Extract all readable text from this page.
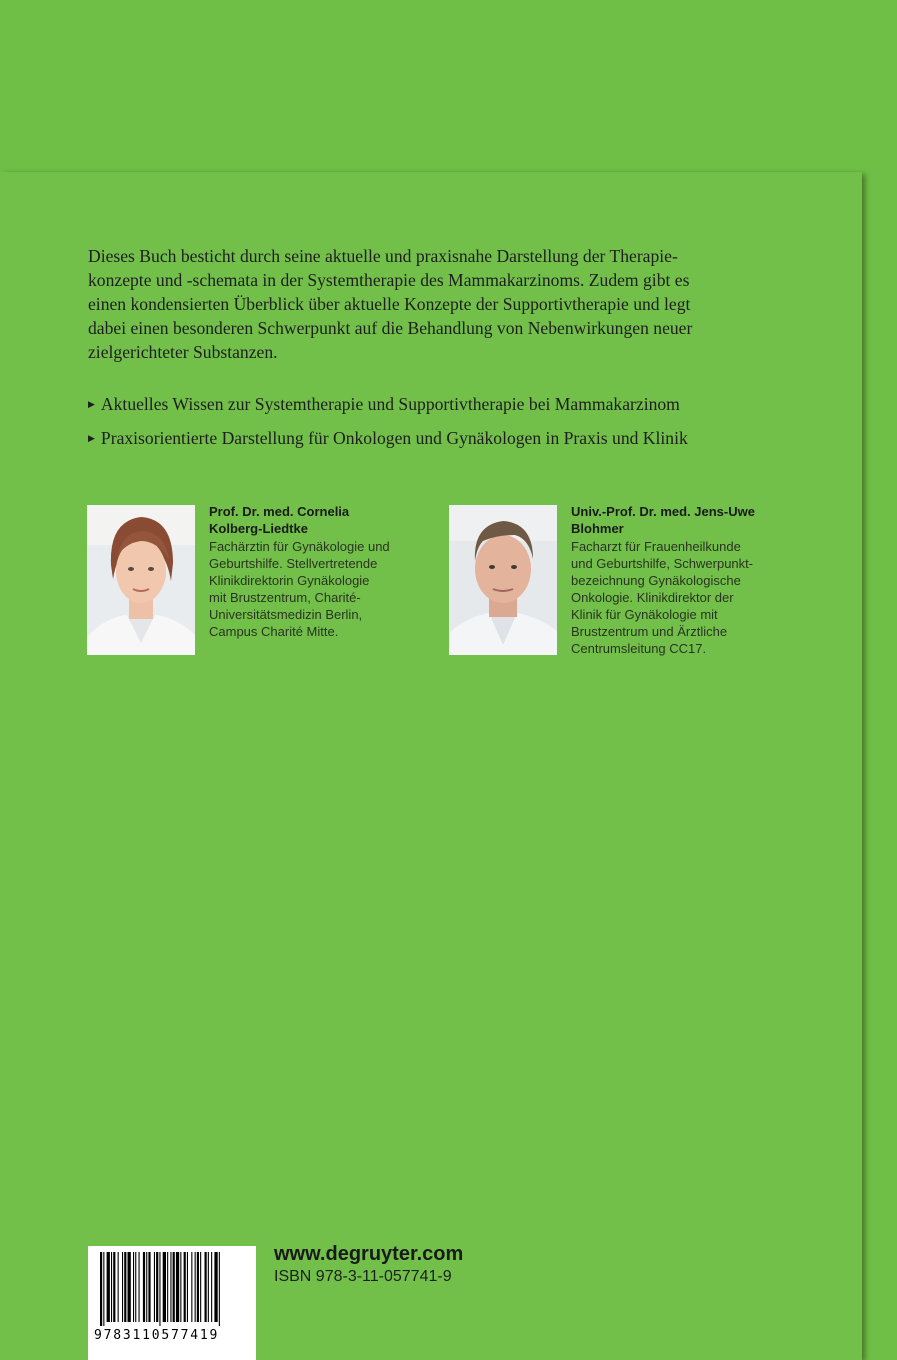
Dieses Buch besticht durch seine aktuelle und praxisnahe Darstellung der Therapie-
konzepte und -schemata in der Systemtherapie des Mammakarzinoms. Zudem gibt es
einen kondensierten Überblick über aktuelle Konzepte der Supportivtherapie und legt
dabei einen besonderen Schwerpunkt auf die Behandlung von Nebenwirkungen neuer
zielgerichteter Substanzen.

▶ Aktuelles Wissen zur Systemtherapie und Supportivtherapie bei Mammakarzinom

▶ Praxisorientierte Darstellung für Onkologen und Gynäkologen in Praxis und Klinik

Prof. Dr. med. Cornelia
Kolberg-Liedtke

Fachärztin für Gynäkologie und
Geburtshilfe. Stellvertretende
Klinikdirektorin Gynäkologie
mit Brustzentrum, Charité-
Universitätsmedizin Berlin,
Campus Charité Mitte.

Univ.-Prof. Dr. med. Jens-Uwe
Blohmer

Facharzt für Frauenheilkunde
und Geburtshilfe, Schwerpunkt-
bezeichnung Gynäkologische
Onkologie. Klinikdirektor der
Klinik für Gynäkologie mit
Brustzentrum und Ärztliche
Centrumsleitung CC17.

9783110577419

www.degruyter.com

ISBN 978-3-11-057741-9
